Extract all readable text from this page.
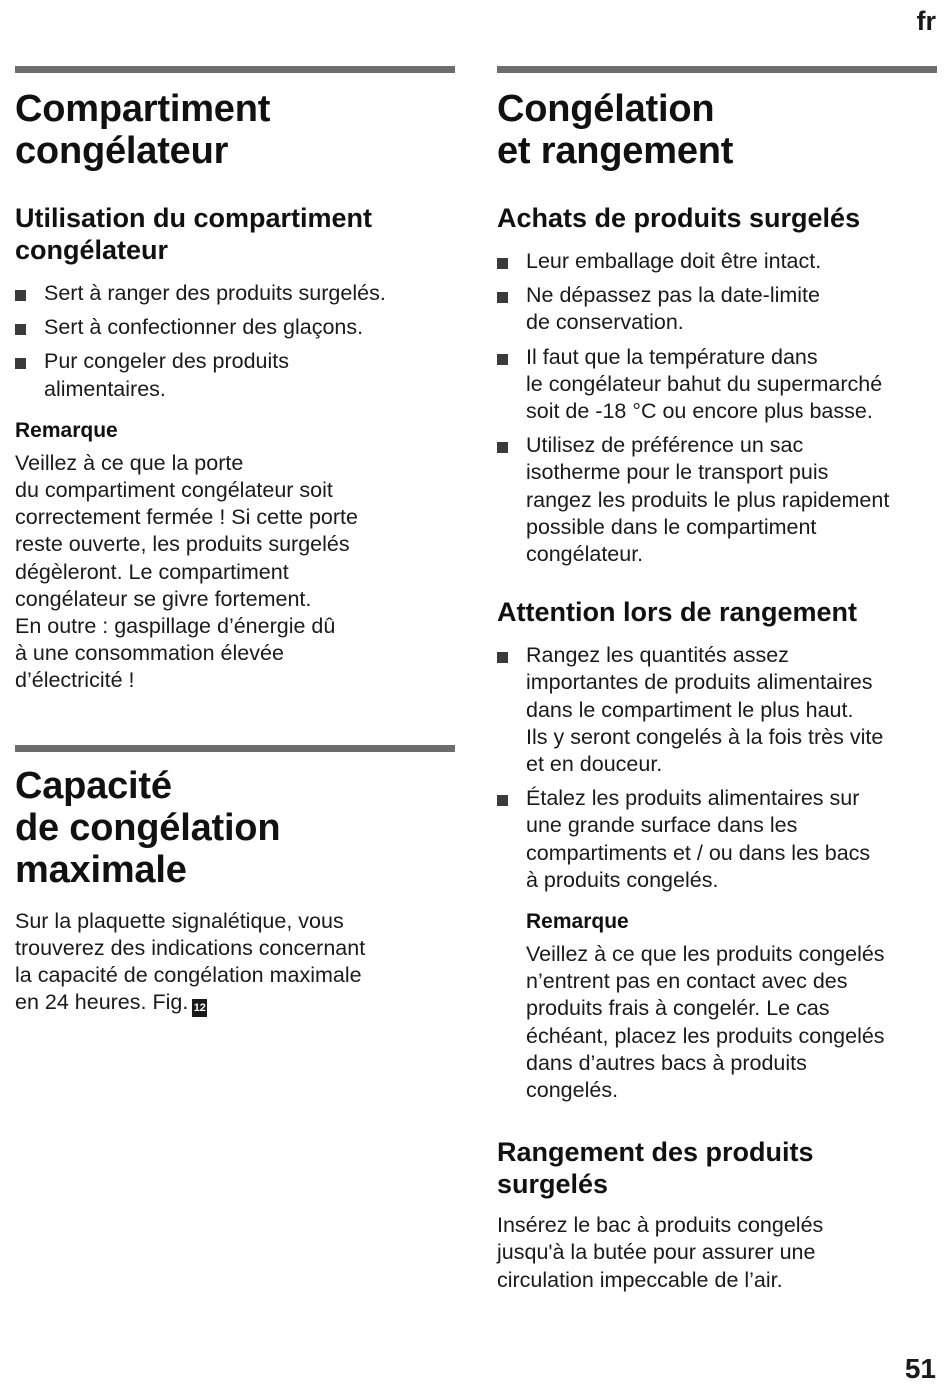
fr
Compartiment
congélateur
Utilisation du compartiment
congélateur
Sert à ranger des produits surgelés.
Sert à confectionner des glaçons.
Pur congeler des produits
alimentaires.
Remarque

Veillez à ce que la porte
du compartiment congélateur soit
correctement fermée ! Si cette porte
reste ouverte, les produits surgelés
dégèleront. Le compartiment
congélateur se givre fortement.
En outre : gaspillage d’énergie dû
à une consommation élevée
d’électricité !

Capacité
de congélation
maximale

Sur la plaquette signalétique, vous
trouverez des indications concernant
la capacité de congélation maximale
en 24 heures. Fig. 12

Congélation
et rangement
Achats de produits surgelés
Leur emballage doit être intact.
Ne dépassez pas la date-limite
de conservation.
Il faut que la température dans
le congélateur bahut du supermarché
soit de -18 °C ou encore plus basse.
Utilisez de préférence un sac
isotherme pour le transport puis
rangez les produits le plus rapidement
possible dans le compartiment
congélateur.
Attention lors de rangement
Rangez les quantités assez
importantes de produits alimentaires
dans le compartiment le plus haut.
Ils y seront congelés à la fois très vite
et en douceur.
Étalez les produits alimentaires sur
une grande surface dans les
compartiments et / ou dans les bacs
à produits congelés.
Remarque

Veillez à ce que les produits congelés
n’entrent pas en contact avec des
produits frais à congelér. Le cas
échéant, placez les produits congelés
dans d’autres bacs à produits
congelés.

Rangement des produits
surgelés

Insérez le bac à produits congelés
jusqu'à la butée pour assurer une
circulation impeccable de l’air.

51
